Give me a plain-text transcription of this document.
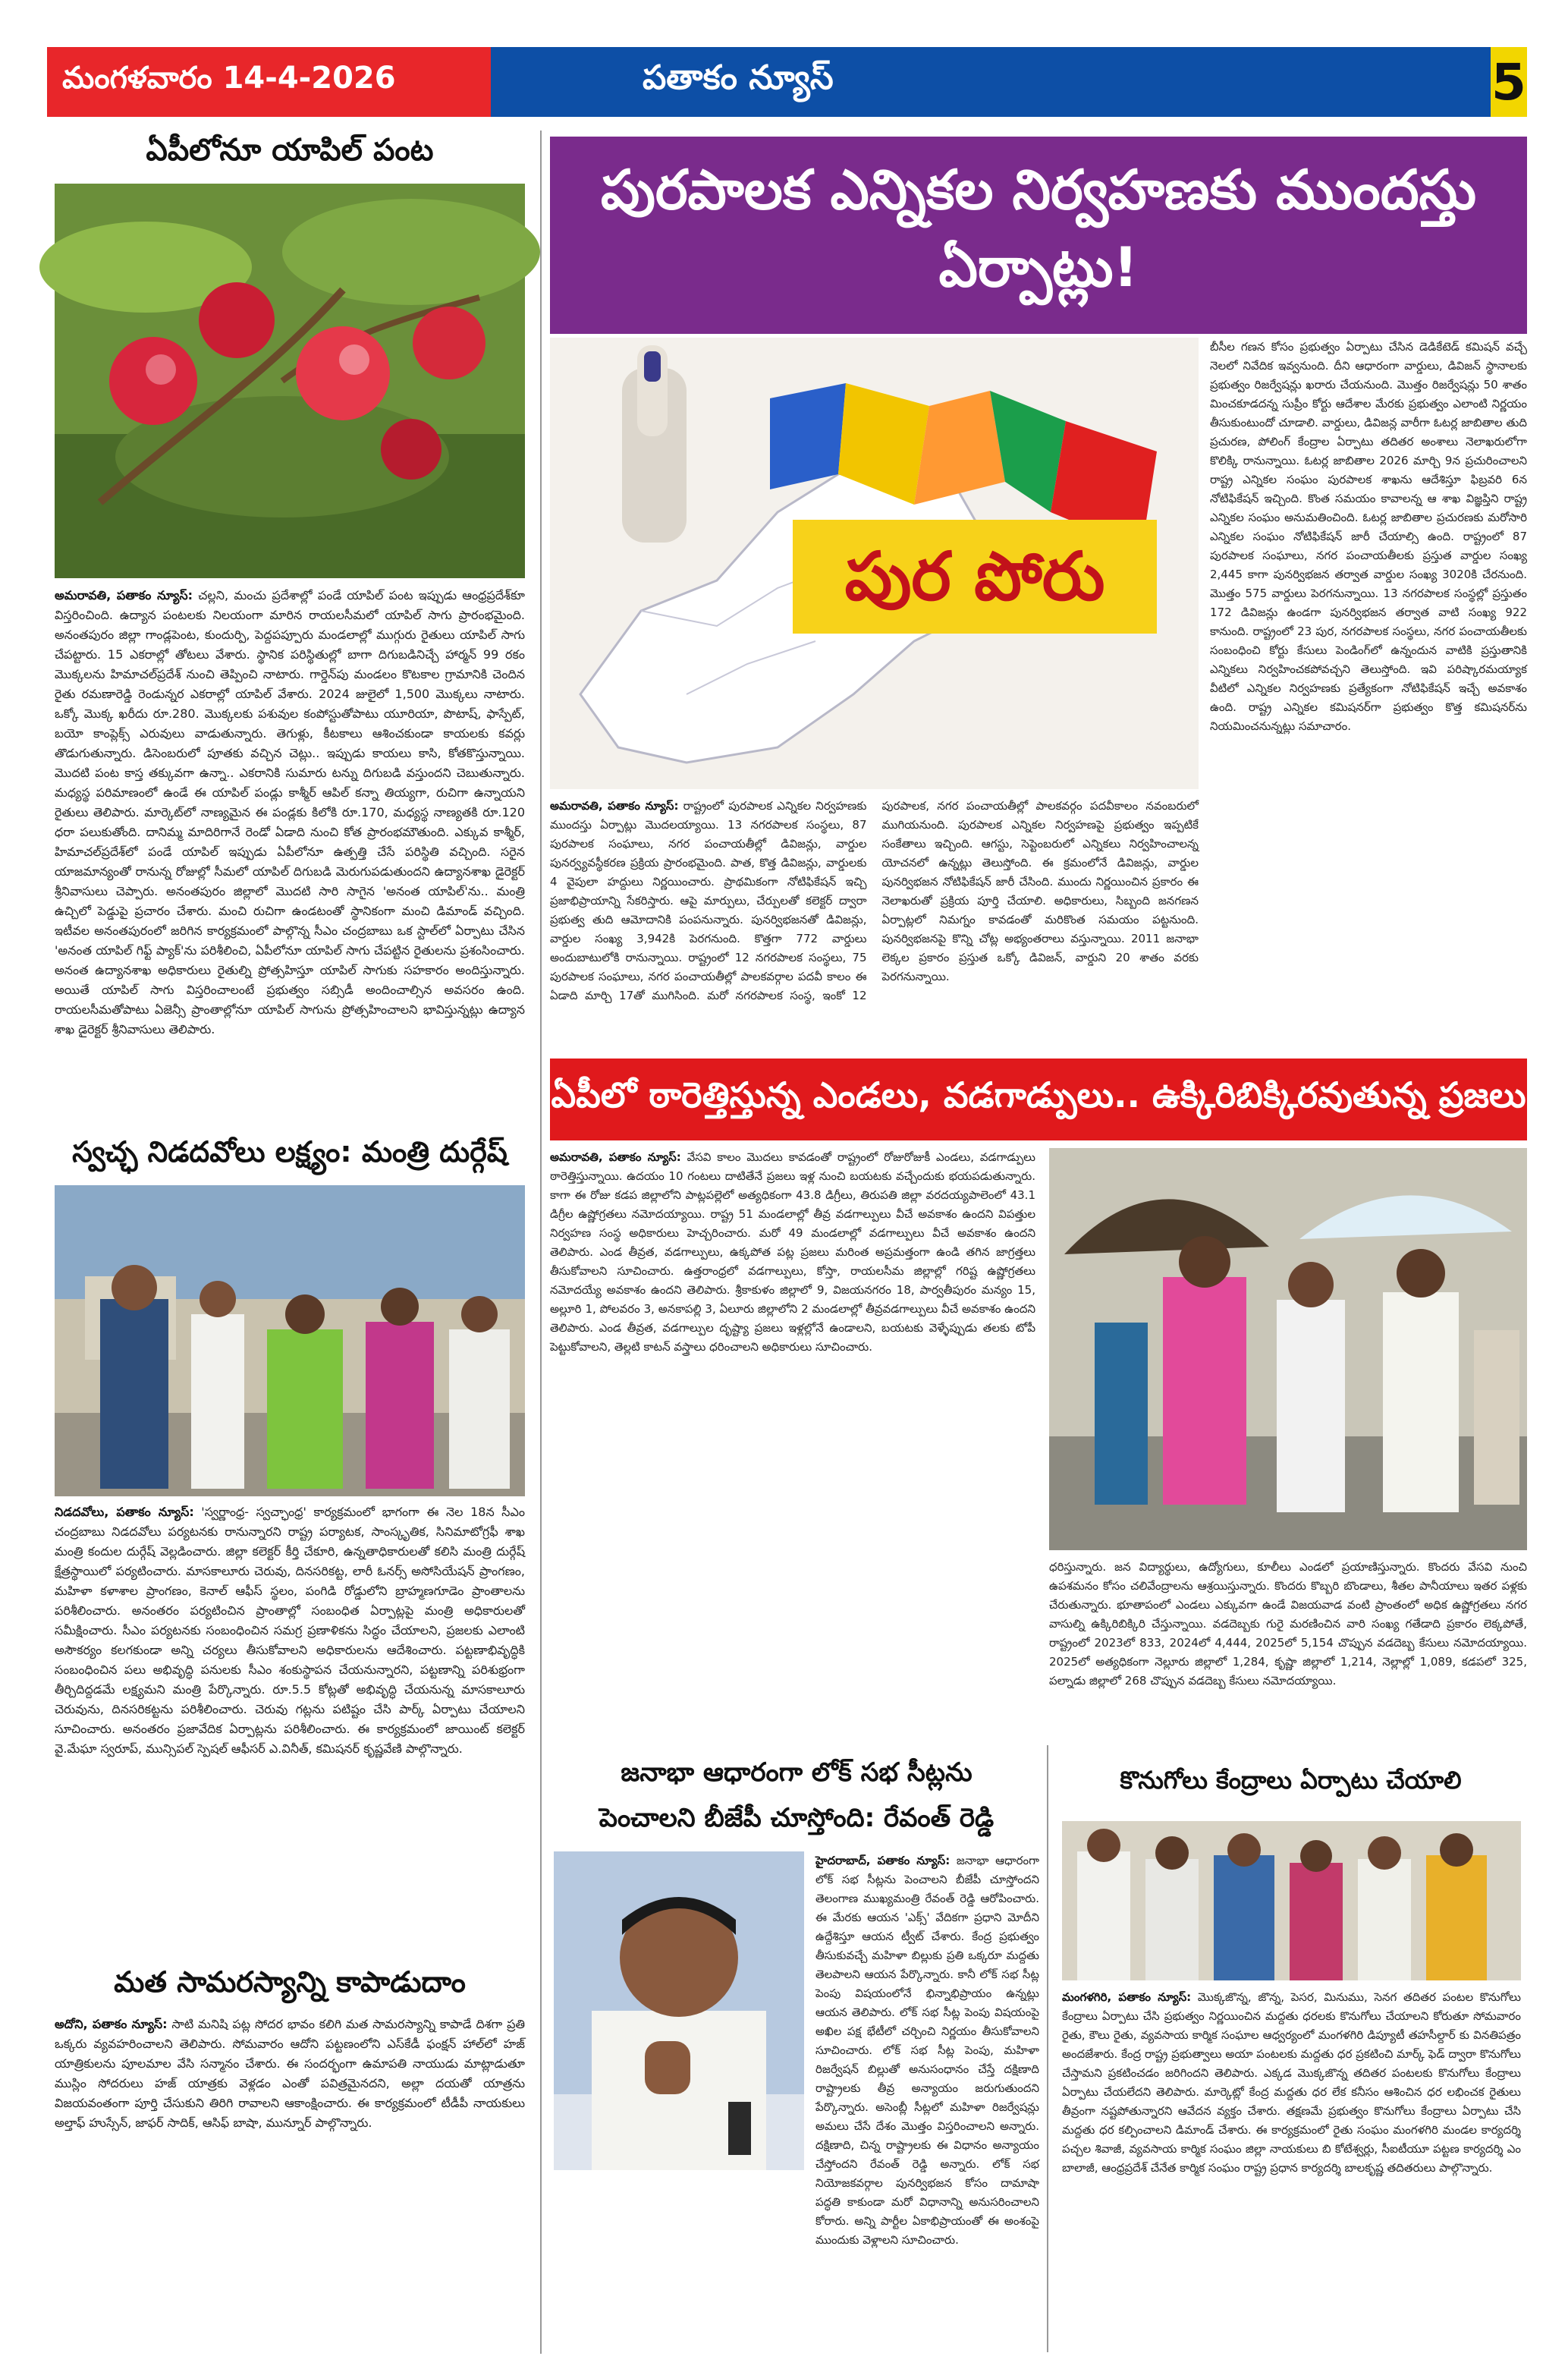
మంగళవారం 14-4-2026	పతాకం న్యూస్	5
ఏపీలోనూ యాపిల్ పంట
అమరావతి, పతాకం న్యూస్: చల్లని, మంచు ప్రదేశాల్లో పండే యాపిల్ పంట ఇప్పుడు ఆంధ్రప్రదేశ్‌కూ విస్తరించింది. ఉద్యాన పంటలకు నిలయంగా మారిన రాయలసీమలో యాపిల్ సాగు ప్రారంభమైంది. అనంతపురం జిల్లా గాండ్లపెంట, కుందుర్పి, పెద్దపప్పూరు మండలాల్లో ముగ్గురు రైతులు యాపిల్ సాగు చేపట్టారు. 15 ఎకరాల్లో తోటలు వేశారు. స్థానిక పరిస్థితుల్లో బాగా దిగుబడినిచ్చే హార్మన్ 99 రకం మొక్కలను హిమాచల్‌ప్రదేశ్ నుంచి తెప్పించి నాటారు. గార్డెన్‌పు మండలం కొటకాల గ్రామానికి చెందిన రైతు రమణారెడ్డి రెండున్నర ఎకరాల్లో యాపిల్ వేశారు. 2024 జులైలో 1,500 మొక్కలు నాటారు. ఒక్కో మొక్క ఖరీదు రూ.280. మొక్కలకు పశువుల కంపోస్టుతోపాటు యూరియా, పొటాష్, ఫాస్పేట్, బయో కాంప్లెక్స్ ఎరువులు వాడుతున్నారు. తెగుళ్లు, కీటకాలు ఆశించకుండా కాయలకు కవర్లు తొడుగుతున్నారు. డిసెంబరులో పూతకు వచ్చిన చెట్లు.. ఇప్పుడు కాయలు కాసి, కోతకొస్తున్నాయి. మొదటి పంట కాస్త తక్కువగా ఉన్నా.. ఎకరానికి సుమారు టన్ను దిగుబడి వస్తుందని చెబుతున్నారు. మధ్యస్థ పరిమాణంలో ఉండే ఈ యాపిల్ పండ్లు కాశ్మీర్ ఆపిల్ కన్నా తియ్యగా, రుచిగా ఉన్నాయని రైతులు తెలిపారు. మార్కెట్‌లో నాణ్యమైన ఈ పండ్లకు కిలోకి రూ.170, మధ్యస్థ నాణ్యతకి రూ.120 ధరా పలుకుతోంది. దానిమ్మ మాదిరిగానే రెండో ఏడాది నుంచి కోత ప్రారంభమౌతుంది. ఎక్కువ కాశ్మీర్, హిమాచల్‌ప్రదేశ్‌లో పండే యాపిల్ ఇప్పుడు ఏపీలోనూ ఉత్పత్తి చేసే పరిస్థితి వచ్చింది. సరైన యాజమాన్యంతో రానున్న రోజుల్లో సీమలో యాపిల్ దిగుబడి మెరుగుపడుతుందని ఉద్యానశాఖ డైరెక్టర్ శ్రీనివాసులు చెప్పారు. అనంతపురం జిల్లాలో మొదటి సారి సాగైన 'అనంత యాపిల్'ను.. మంత్రి ఉచ్చిలో పెడ్డుపై ప్రచారం చేశారు. మంచి రుచిగా ఉండటంతో స్థానికంగా మంచి డిమాండ్ వచ్చింది. ఇటీవల అనంతపురంలో జరిగిన కార్యక్రమంలో పాల్గొన్న సీఎం చంద్రబాబు ఒక స్టాల్‌లో ఏర్పాటు చేసిన 'అనంత యాపిల్ గిఫ్ట్ ప్యాక్'ను పరిశీలించి, ఏపీలోనూ యాపిల్ సాగు చేపట్టిన రైతులను ప్రశంసించారు. అనంత ఉద్యానశాఖ అధికారులు రైతుల్ని ప్రోత్సహిస్తూ యాపిల్ సాగుకు సహకారం అందిస్తున్నారు. అయితే యాపిల్ సాగు విస్తరించాలంటే ప్రభుత్వం సబ్సిడీ అందించాల్సిన అవసరం ఉంది. రాయలసీమతోపాటు ఏజెన్సీ ప్రాంతాల్లోనూ యాపిల్ సాగును ప్రోత్సహించాలని భావిస్తున్నట్లు ఉద్యాన శాఖ డైరెక్టర్ శ్రీనివాసులు తెలిపారు.
స్వచ్ఛ నిడదవోలు లక్ష్యం: మంత్రి దుర్గేష్
నిడదవోలు, పతాకం న్యూస్: 'స్వర్ణాంధ్ర- స్వచ్ఛాంధ్ర' కార్యక్రమంలో భాగంగా ఈ నెల 18న సీఎం చంద్రబాబు నిడదవోలు పర్యటనకు రానున్నారని రాష్ట్ర పర్యాటక, సాంస్కృతిక, సినిమాటోగ్రఫీ శాఖ మంత్రి కందుల దుర్గేష్ వెల్లడించారు. జిల్లా కలెక్టర్ కీర్తి చేకూరి, ఉన్నతాధికారులతో కలిసి మంత్రి దుర్గేష్ క్షేత్రస్థాయిలో పర్యటించారు. మాసకాలూరు చెరువు, దినసరికట్ట, లారీ ఓనర్స్ అసోసియేషన్ ప్రాంగణం, మహిళా కళాశాల ప్రాంగణం, కెనాల్ ఆఫీస్ స్థలం, పంగిడి రోడ్డులోని బ్రాహ్మణగూడెం ప్రాంతాలను పరిశీలించారు. అనంతరం పర్యటించిన ప్రాంతాల్లో సంబంధిత ఏర్పాట్లపై మంత్రి అధికారులతో సమీక్షించారు. సీఎం పర్యటనకు సంబంధించిన సమగ్ర ప్రణాళికను సిద్ధం చేయాలని, ప్రజలకు ఎలాంటి అసౌకర్యం కలగకుండా అన్ని చర్యలు తీసుకోవాలని అధికారులను ఆదేశించారు. పట్టణాభివృద్ధికి సంబంధించిన పలు అభివృద్ధి పనులకు సీఎం శంకుస్థాపన చేయనున్నారని, పట్టణాన్ని పరిశుభ్రంగా తీర్చిదిద్దడమే లక్ష్యమని మంత్రి పేర్కొన్నారు. రూ.5.5 కోట్లతో అభివృద్ధి చేయనున్న మాసకాలూరు చెరువును, దినసరికట్టను పరిశీలించారు. చెరువు గట్లను పటిష్టం చేసి పార్క్ ఏర్పాటు చేయాలని సూచించారు. అనంతరం ప్రజావేదిక ఏర్పాట్లను పరిశీలించారు. ఈ కార్యక్రమంలో జాయింట్ కలెక్టర్ వై.మేఘా స్వరూప్, మున్సిపల్ స్పెషల్ ఆఫీసర్ ఎ.వినీత్, కమిషనర్ కృష్ణవేణి పాల్గొన్నారు.
మత సామరస్యాన్ని కాపాడుదాం
అదోని, పతాకం న్యూస్: సాటి మనిషి పట్ల సోదర భావం కలిగి మత సామరస్యాన్ని కాపాడే దిశగా ప్రతి ఒక్కరు వ్యవహరించాలని తెలిపారు. సోమవారం ఆదోని పట్టణంలోని ఎస్‌కేడీ ఫంక్షన్ హాల్‌లో హజ్ యాత్రికులను పూలమాల వేసి సన్మానం చేశారు. ఈ సందర్భంగా ఉమాపతి నాయుడు మాట్లాడుతూ ముస్లిం సోదరులు హజ్ యాత్రకు వెళ్లడం ఎంతో పవిత్రమైనదని, అల్లా దయతో యాత్రను విజయవంతంగా పూర్తి చేసుకుని తిరిగి రావాలని ఆకాంక్షించారు. ఈ కార్యక్రమంలో టీడీపీ నాయకులు అల్తాఫ్ హుస్సేన్, జాఫర్ సాదిక్, ఆసిఫ్ బాషా, మున్నూర్ పాల్గొన్నారు.
పురపాలక ఎన్నికల నిర్వహణకు ముందస్తు ఏర్పాట్లు!
పుర పోరు
అమరావతి, పతాకం న్యూస్: రాష్ట్రంలో పురపాలక ఎన్నికల నిర్వహణకు ముందస్తు ఏర్పాట్లు మొదలయ్యాయి. 13 నగరపాలక సంస్థలు, 87 పురపాలక సంఘాలు, నగర పంచాయతీల్లో డివిజన్లు, వార్డుల పునర్వ్యవస్థీకరణ ప్రక్రియ ప్రారంభమైంది. పాత, కొత్త డివిజన్లు, వార్డులకు 4 వైపులా హద్దులు నిర్ణయించారు. ప్రాథమికంగా నోటిఫికేషన్ ఇచ్చి ప్రజాభిప్రాయాన్ని సేకరిస్తారు. ఆపై మార్పులు, చేర్పులతో కలెక్టర్ ద్వారా ప్రభుత్వ తుది ఆమోదానికి పంపనున్నారు. పునర్విభజనతో డివిజన్లు, వార్డుల సంఖ్య 3,942కి పెరగనుంది. కొత్తగా 772 వార్డులు అందుబాటులోకి రానున్నాయి. రాష్ట్రంలో 12 నగరపాలక సంస్థలు, 75 పురపాలక సంఘాలు, నగర పంచాయతీల్లో పాలకవర్గాల పదవీ కాలం ఈ ఏడాది మార్చి 17తో ముగిసింది. మరో నగరపాలక సంస్థ, ఇంకో 12 పురపాలక, నగర పంచాయతీల్లో పాలకవర్గం పదవీకాలం నవంబరులో ముగియనుంది. పురపాలక ఎన్నికల నిర్వహణపై ప్రభుత్వం ఇప్పటికే సంకేతాలు ఇచ్చింది. ఆగస్టు, సెప్టెంబరులో ఎన్నికలు నిర్వహించాలన్న యోచనలో ఉన్నట్లు తెలుస్తోంది. ఈ క్రమంలోనే డివిజన్లు, వార్డుల పునర్విభజన నోటిఫికేషన్ జారీ చేసింది. ముందు నిర్ణయించిన ప్రకారం ఈ నెలాఖరుతో ప్రక్రియ పూర్తి చేయాలి. అధికారులు, సిబ్బంది జనగణన ఏర్పాట్లలో నిమగ్నం కావడంతో మరికొంత సమయం పట్టనుంది. పునర్విభజనపై కొన్ని చోట్ల అభ్యంతరాలు వస్తున్నాయి. 2011 జనాభా లెక్కల ప్రకారం ప్రస్తుత ఒక్కో డివిజన్, వార్డుని 20 శాతం వరకు పెరగనున్నాయి.
బీసీల గణన కోసం ప్రభుత్వం ఏర్పాటు చేసిన డెడికేటెడ్ కమిషన్ వచ్చే నెలలో నివేదిక ఇవ్వనుంది. దీని ఆధారంగా వార్డులు, డివిజన్ స్థానాలకు ప్రభుత్వం రిజర్వేషన్లు ఖరారు చేయనుంది. మొత్తం రిజర్వేషన్లు 50 శాతం మించకూడదన్న సుప్రీం కోర్టు ఆదేశాల మేరకు ప్రభుత్వం ఎలాంటి నిర్ణయం తీసుకుంటుందో చూడాలి. వార్డులు, డివిజన్ల వారీగా ఓటర్ల జాబితాల తుది ప్రచురణ, పోలింగ్ కేంద్రాల ఏర్పాటు తదితర అంశాలు నెలాఖరులోగా కొలిక్కి రానున్నాయి. ఓటర్ల జాబితాల 2026 మార్చి 9న ప్రచురించాలని రాష్ట్ర ఎన్నికల సంఘం పురపాలక శాఖను ఆదేశిస్తూ ఫిబ్రవరి 6న నోటిఫికేషన్ ఇచ్చింది. కొంత సమయం కావాలన్న ఆ శాఖ విజ్ఞప్తిని రాష్ట్ర ఎన్నికల సంఘం అనుమతించింది. ఓటర్ల జాబితాల ప్రచురణకు మరోసారి ఎన్నికల సంఘం నోటిఫికేషన్ జారీ చేయాల్సి ఉంది. రాష్ట్రంలో 87 పురపాలక సంఘాలు, నగర పంచాయతీలకు ప్రస్తుత వార్డుల సంఖ్య 2,445 కాగా పునర్విభజన తర్వాత వార్డుల సంఖ్య 3020కి చేరనుంది. మొత్తం 575 వార్డులు పెరగనున్నాయి. 13 నగరపాలక సంస్థల్లో ప్రస్తుతం 172 డివిజన్లు ఉండగా పునర్విభజన తర్వాత వాటి సంఖ్య 922 కానుంది. రాష్ట్రంలో 23 పుర, నగరపాలక సంస్థలు, నగర పంచాయతీలకు సంబంధించి కోర్టు కేసులు పెండింగ్‌లో ఉన్నందున వాటికి ప్రస్తుతానికి ఎన్నికలు నిర్వహించకపోవచ్చని తెలుస్తోంది. ఇవి పరిష్కారమయ్యాక వీటిలో ఎన్నికల నిర్వహణకు ప్రత్యేకంగా నోటిఫికేషన్ ఇచ్చే అవకాశం ఉంది. రాష్ట్ర ఎన్నికల కమిషనర్‌గా ప్రభుత్వం కొత్త కమిషనర్‌ను నియమించనున్నట్లు సమాచారం.
ఏపీలో ఠారెత్తిస్తున్న ఎండలు, వడగాడ్పులు.. ఉక్కిరిబిక్కిరవుతున్న ప్రజలు
అమరావతి, పతాకం న్యూస్: వేసవి కాలం మొదలు కావడంతో రాష్ట్రంలో రోజురోజుకీ ఎండలు, వడగాడ్పులు ఠారెత్తిస్తున్నాయి. ఉదయం 10 గంటలు దాటితేనే ప్రజలు ఇళ్ల నుంచి బయటకు వచ్చేందుకు భయపడుతున్నారు. కాగా ఈ రోజు కడప జిల్లాలోని పాట్లపల్లెలో అత్యధికంగా 43.8 డిగ్రీలు, తిరుపతి జిల్లా వరదయ్యపాలెంలో 43.1 డిగ్రీల ఉష్ణోగ్రతలు నమోదయ్యాయి. రాష్ట్ర 51 మండలాల్లో తీవ్ర వడగాల్పులు వీచే అవకాశం ఉందని విపత్తుల నిర్వహణ సంస్థ అధికారులు హెచ్చరించారు. మరో 49 మండలాల్లో వడగాల్పులు వీచే అవకాశం ఉందని తెలిపారు. ఎండ తీవ్రత, వడగాల్పులు, ఉక్కపోత పట్ల ప్రజలు మరింత అప్రమత్తంగా ఉండి తగిన జాగ్రత్తలు తీసుకోవాలని సూచించారు. ఉత్తరాంధ్రలో వడగాల్పులు, కోస్తా, రాయలసీమ జిల్లాల్లో గరిష్ట ఉష్ణోగ్రతలు నమోదయ్యే అవకాశం ఉందని తెలిపారు. శ్రీకాకుళం జిల్లాలో 9, విజయనగరం 18, పార్వతీపురం మన్యం 15, అల్లూరి 1, పోలవరం 3, అనకాపల్లి 3, ఏలూరు జిల్లాలోని 2 మండలాల్లో తీవ్రవడగాల్పులు వీచే అవకాశం ఉందని తెలిపారు. ఎండ తీవ్రత, వడగాల్పుల దృష్ట్యా ప్రజలు ఇళ్లల్లోనే ఉండాలని, బయటకు వెళ్ళేప్పుడు తలకు టోపీ పెట్టుకోవాలని, తెల్లటి కాటన్ వస్త్రాలు ధరించాలని అధికారులు సూచించారు.
ధరిస్తున్నారు. జన విద్యార్థులు, ఉద్యోగులు, కూలీలు ఎండలో ప్రయాణిస్తున్నారు. కొందరు వేసవి నుంచి ఉపశమనం కోసం చలివేంద్రాలను ఆశ్రయిస్తున్నారు. కొందరు కొబ్బరి బొండాలు, శీతల పానీయాలు ఇతర పళ్లకు చేరుతున్నారు. భూతాపంలో ఎండలు ఎక్కువగా ఉండే విజయవాడ వంటి ప్రాంతంలో అధిక ఉష్ణోగ్రతలు నగర వాసుల్ని ఉక్కిరిబిక్కిరి చేస్తున్నాయి. వడదెబ్బకు గురై మరణించిన వారి సంఖ్య గతేడాది ప్రకారం లెక్కపోతే, రాష్ట్రంలో 2023లో 833, 2024లో 4,444, 2025లో 5,154 చొప్పున వడదెబ్బ కేసులు నమోదయ్యాయి. 2025లో అత్యధికంగా నెల్లూరు జిల్లాలో 1,284, కృష్ణా జిల్లాలో 1,214, నెల్లాల్లో 1,089, కడపలో 325, పల్నాడు జిల్లాలో 268 చొప్పున వడదెబ్బ కేసులు నమోదయ్యాయి.
జనాభా ఆధారంగా లోక్ సభ సీట్లను
పెంచాలని బీజేపీ చూస్తోంది: రేవంత్ రెడ్డి
హైదరాబాద్, పతాకం న్యూస్: జనాభా ఆధారంగా లోక్ సభ సీట్లను పెంచాలని బీజేపీ చూస్తోందని తెలంగాణ ముఖ్యమంత్రి రేవంత్ రెడ్డి ఆరోపించారు. ఈ మేరకు ఆయన 'ఎక్స్' వేదికగా ప్రధాని మోదీని ఉద్దేశిస్తూ ఆయన ట్వీట్ చేశారు. కేంద్ర ప్రభుత్వం తీసుకువచ్చే మహిళా బిల్లుకు ప్రతి ఒక్కరూ మద్దతు తెలపాలని ఆయన పేర్కొన్నారు. కానీ లోక్ సభ సీట్ల పెంపు విషయంలోనే భిన్నాభిప్రాయం ఉన్నట్లు ఆయన తెలిపారు. లోక్ సభ సీట్ల పెంపు విషయంపై అఖిల పక్ష భేటీలో చర్చించి నిర్ణయం తీసుకోవాలని సూచించారు. లోక్ సభ సీట్ల పెంపు, మహిళా రిజర్వేషన్ బిల్లుతో అనుసంధానం చేస్తే దక్షిణాది రాష్ట్రాలకు తీవ్ర అన్యాయం జరుగుతుందని పేర్కొన్నారు. అసెంబ్లీ సీట్లలో మహిళా రిజర్వేషన్లు అమలు చేసే దేశం మొత్తం విస్తరించాలని అన్నారు. దక్షిణాది, చిన్న రాష్ట్రాలకు ఈ విధానం అన్యాయం చేస్తోందని రేవంత్ రెడ్డి అన్నారు. లోక్ సభ నియోజకవర్గాల పునర్విభజన కోసం దామాషా పద్ధతి కాకుండా మరో విధానాన్ని అనుసరించాలని కోరారు. అన్ని పార్టీల ఏకాభిప్రాయంతో ఈ అంశంపై ముందుకు వెళ్లాలని సూచించారు.
కొనుగోలు కేంద్రాలు ఏర్పాటు చేయాలి
మంగళగిరి, పతాకం న్యూస్: మొక్కజొన్న, జొన్న, పెసర, మినుము, సెనగ తదితర పంటల కొనుగోలు కేంద్రాలు ఏర్పాటు చేసి ప్రభుత్వం నిర్ణయించిన మద్దతు ధరలకు కొనుగోలు చేయాలని కోరుతూ సోమవారం రైతు, కౌలు రైతు, వ్యవసాయ కార్మిక సంఘాల ఆధ్వర్యంలో మంగళగిరి డిప్యూటీ తహసీల్దార్ కు వినతిపత్రం అందజేశారు. కేంద్ర రాష్ట్ర ప్రభుత్వాలు అయా పంటలకు మద్దతు ధర ప్రకటించి మార్క్ ఫెడ్ ద్వారా కొనుగోలు చేస్తామని ప్రకటించడం జరిగిందని తెలిపారు. ఎక్కడ మొక్కజొన్న తదితర పంటలకు కొనుగోలు కేంద్రాలు ఏర్పాటు చేయలేదని తెలిపారు. మార్కెట్లో కేంద్ర మద్దతు ధర లేక కనీసం ఆశించిన ధర లభించక రైతులు తీవ్రంగా నష్టపోతున్నారని ఆవేదన వ్యక్తం చేశారు. తక్షణమే ప్రభుత్వం కొనుగోలు కేంద్రాలు ఏర్పాటు చేసి మద్దతు ధర కల్పించాలని డిమాండ్ చేశారు. ఈ కార్యక్రమంలో రైతు సంఘం మంగళగిరి మండల కార్యదర్శి పచ్చల శివాజీ, వ్యవసాయ కార్మిక సంఘం జిల్లా నాయకులు బి కోటేశ్వర్లు, సీఐటీయూ పట్టణ కార్యదర్శి ఎం బాలాజీ, ఆంధ్రప్రదేశ్ చేనేత కార్మిక సంఘం రాష్ట్ర ప్రధాన కార్యదర్శి బాలకృష్ణ తదితరులు పాల్గొన్నారు.
